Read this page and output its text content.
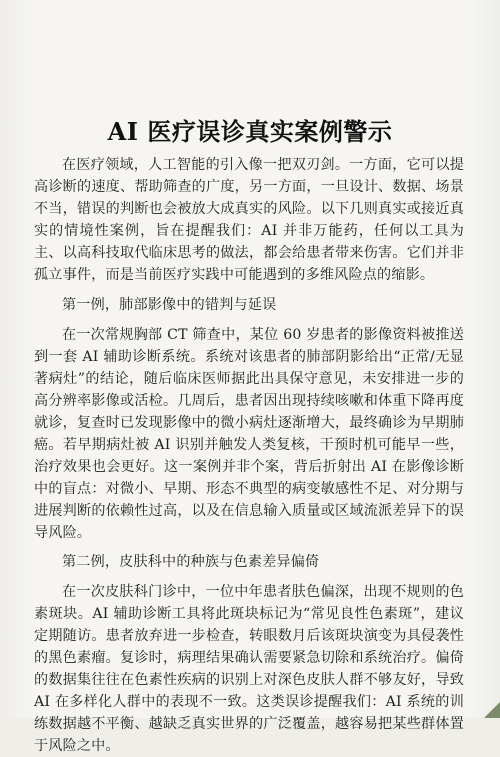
AI 医疗误诊真实案例警示

在医疗领域，人工智能的引入像一把双刃剑。一方面，它可以提高诊断的速度、帮助筛查的广度，另一方面，一旦设计、数据、场景不当，错误的判断也会被放大成真实的风险。以下几则真实或接近真实的情境性案例，旨在提醒我们：AI 并非万能药，任何以工具为主、以高科技取代临床思考的做法，都会给患者带来伤害。它们并非孤立事件，而是当前医疗实践中可能遇到的多维风险点的缩影。

第一例，肺部影像中的错判与延误

在一次常规胸部 CT 筛查中，某位 60 岁患者的影像资料被推送到一套 AI 辅助诊断系统。系统对该患者的肺部阴影给出“正常/无显著病灶”的结论，随后临床医师据此出具保守意见，未安排进一步的高分辨率影像或活检。几周后，患者因出现持续咳嗽和体重下降再度就诊，复查时已发现影像中的微小病灶逐渐增大，最终确诊为早期肺癌。若早期病灶被 AI 识别并触发人类复核，干预时机可能早一些，治疗效果也会更好。这一案例并非个案，背后折射出 AI 在影像诊断中的盲点：对微小、早期、形态不典型的病变敏感性不足、对分期与进展判断的依赖性过高，以及在信息输入质量或区域流派差异下的误导风险。

第二例，皮肤科中的种族与色素差异偏倚

在一次皮肤科门诊中，一位中年患者肤色偏深，出现不规则的色素斑块。AI 辅助诊断工具将此斑块标记为“常见良性色素斑”，建议定期随访。患者放弃进一步检查，转眼数月后该斑块演变为具侵袭性的黑色素瘤。复诊时，病理结果确认需要紧急切除和系统治疗。偏倚的数据集往往在色素性疾病的识别上对深色皮肤人群不够友好，导致 AI 在多样化人群中的表现不一致。这类误诊提醒我们：AI 系统的训练数据越不平衡、越缺乏真实世界的广泛覆盖，越容易把某些群体置于风险之中。
